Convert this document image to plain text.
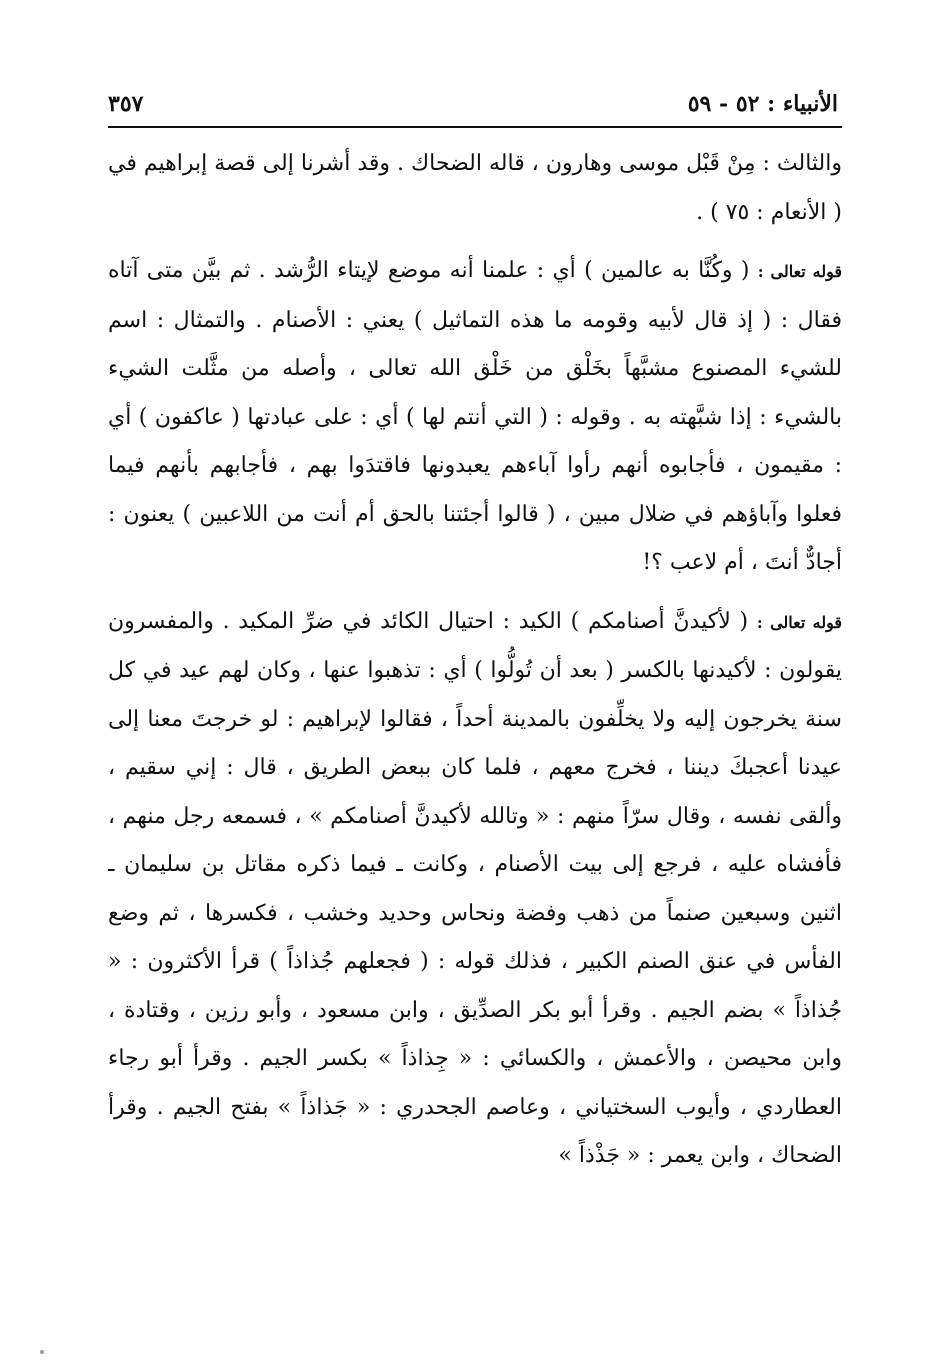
٣٥٧	الأنبياء : ٥٢ - ٥٩

والثالث : مِنْ قَبْل موسى وهارون ، قاله الضحاك . وقد أشرنا إلى قصة إبراهيم في ( الأنعام : ٧٥ ) .

قوله تعالى : ( وكُنَّا به عالمين ) أي : علمنا أنه موضع لإيتاء الرُّشد . ثم بيَّن متى آتاه فقال : ( إذ قال لأبيه وقومه ما هذه التماثيل ) يعني : الأصنام . والتمثال : اسم للشيء المصنوع مشبَّهاً بخَلْق من خَلْق الله تعالى ، وأصله من مثَّلت الشيء بالشيء : إذا شبَّهته به . وقوله : ( التي أنتم لها ) أي : على عبادتها ( عاكفون ) أي : مقيمون ، فأجابوه أنهم رأوا آباءهم يعبدونها فاقتدَوا بهم ، فأجابهم بأنهم فيما فعلوا وآباؤهم في ضلال مبين ، ( قالوا أجئتنا بالحق أم أنت من اللاعبين ) يعنون : أجادٌّ أنتَ ، أم لاعب ؟!

قوله تعالى : ( لأكيدنَّ أصنامكم ) الكيد : احتيال الكائد في ضرِّ المكيد . والمفسرون يقولون : لأكيدنها بالكسر ( بعد أن تُولُّوا ) أي : تذهبوا عنها ، وكان لهم عيد في كل سنة يخرجون إليه ولا يخلِّفون بالمدينة أحداً ، فقالوا لإبراهيم : لو خرجتَ معنا إلى عيدنا أعجبكَ ديننا ، فخرج معهم ، فلما كان ببعض الطريق ، قال : إني سقيم ، وألقى نفسه ، وقال سرّاً منهم : « وتالله لأكيدنَّ أصنامكم » ، فسمعه رجل منهم ، فأفشاه عليه ، فرجع إلى بيت الأصنام ، وكانت ـ فيما ذكره مقاتل بن سليمان ـ اثنين وسبعين صنماً من ذهب وفضة ونحاس وحديد وخشب ، فكسرها ، ثم وضع الفأس في عنق الصنم الكبير ، فذلك قوله : ( فجعلهم جُذاذاً ) قرأ الأكثرون : « جُذاذاً » بضم الجيم . وقرأ أبو بكر الصدِّيق ، وابن مسعود ، وأبو رزين ، وقتادة ، وابن محيصن ، والأعمش ، والكسائي : « جِذاذاً » بكسر الجيم . وقرأ أبو رجاء العطاردي ، وأيوب السختياني ، وعاصم الجحدري : « جَذاذاً » بفتح الجيم . وقرأ الضحاك ، وابن يعمر : « جَذْذاً »
